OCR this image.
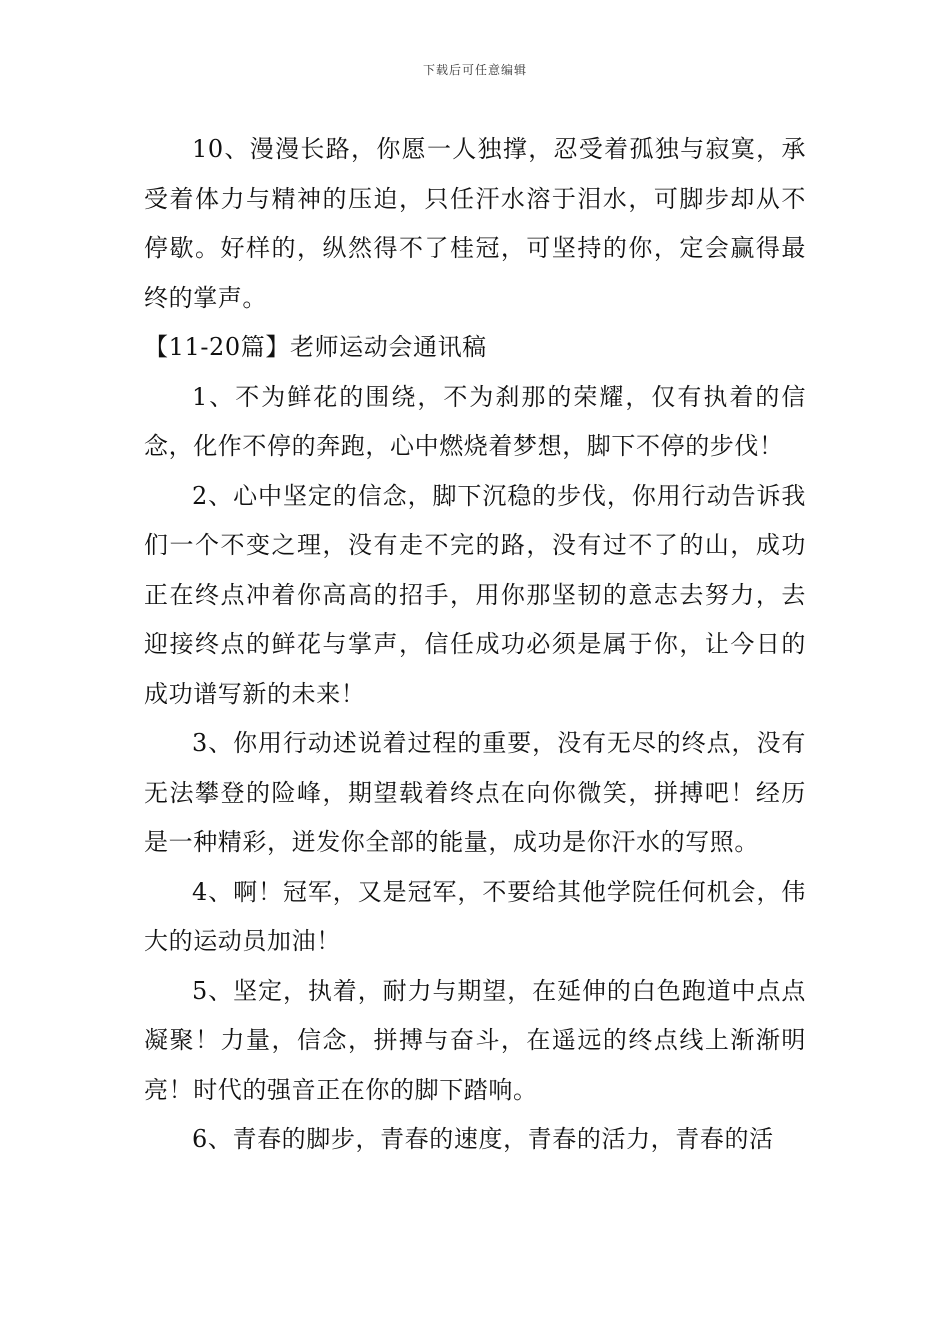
下载后可任意编辑

10、漫漫长路，你愿一人独撑，忍受着孤独与寂寞，承受着体力与精神的压迫，只任汗水溶于泪水，可脚步却从不停歇。好样的，纵然得不了桂冠，可坚持的你，定会赢得最终的掌声。

【11-20篇】老师运动会通讯稿

1、不为鲜花的围绕，不为刹那的荣耀，仅有执着的信念，化作不停的奔跑，心中燃烧着梦想，脚下不停的步伐！

2、心中坚定的信念，脚下沉稳的步伐，你用行动告诉我们一个不变之理，没有走不完的路，没有过不了的山，成功正在终点冲着你高高的招手，用你那坚韧的意志去努力，去迎接终点的鲜花与掌声，信任成功必须是属于你，让今日的成功谱写新的未来！

3、你用行动述说着过程的重要，没有无尽的终点，没有无法攀登的险峰，期望载着终点在向你微笑，拼搏吧！经历是一种精彩，迸发你全部的能量，成功是你汗水的写照。

4、啊！冠军，又是冠军，不要给其他学院任何机会，伟大的运动员加油！

5、坚定，执着，耐力与期望，在延伸的白色跑道中点点凝聚！力量，信念，拼搏与奋斗，在遥远的终点线上渐渐明亮！时代的强音正在你的脚下踏响。

6、青春的脚步，青春的速度，青春的活力，青春的活
